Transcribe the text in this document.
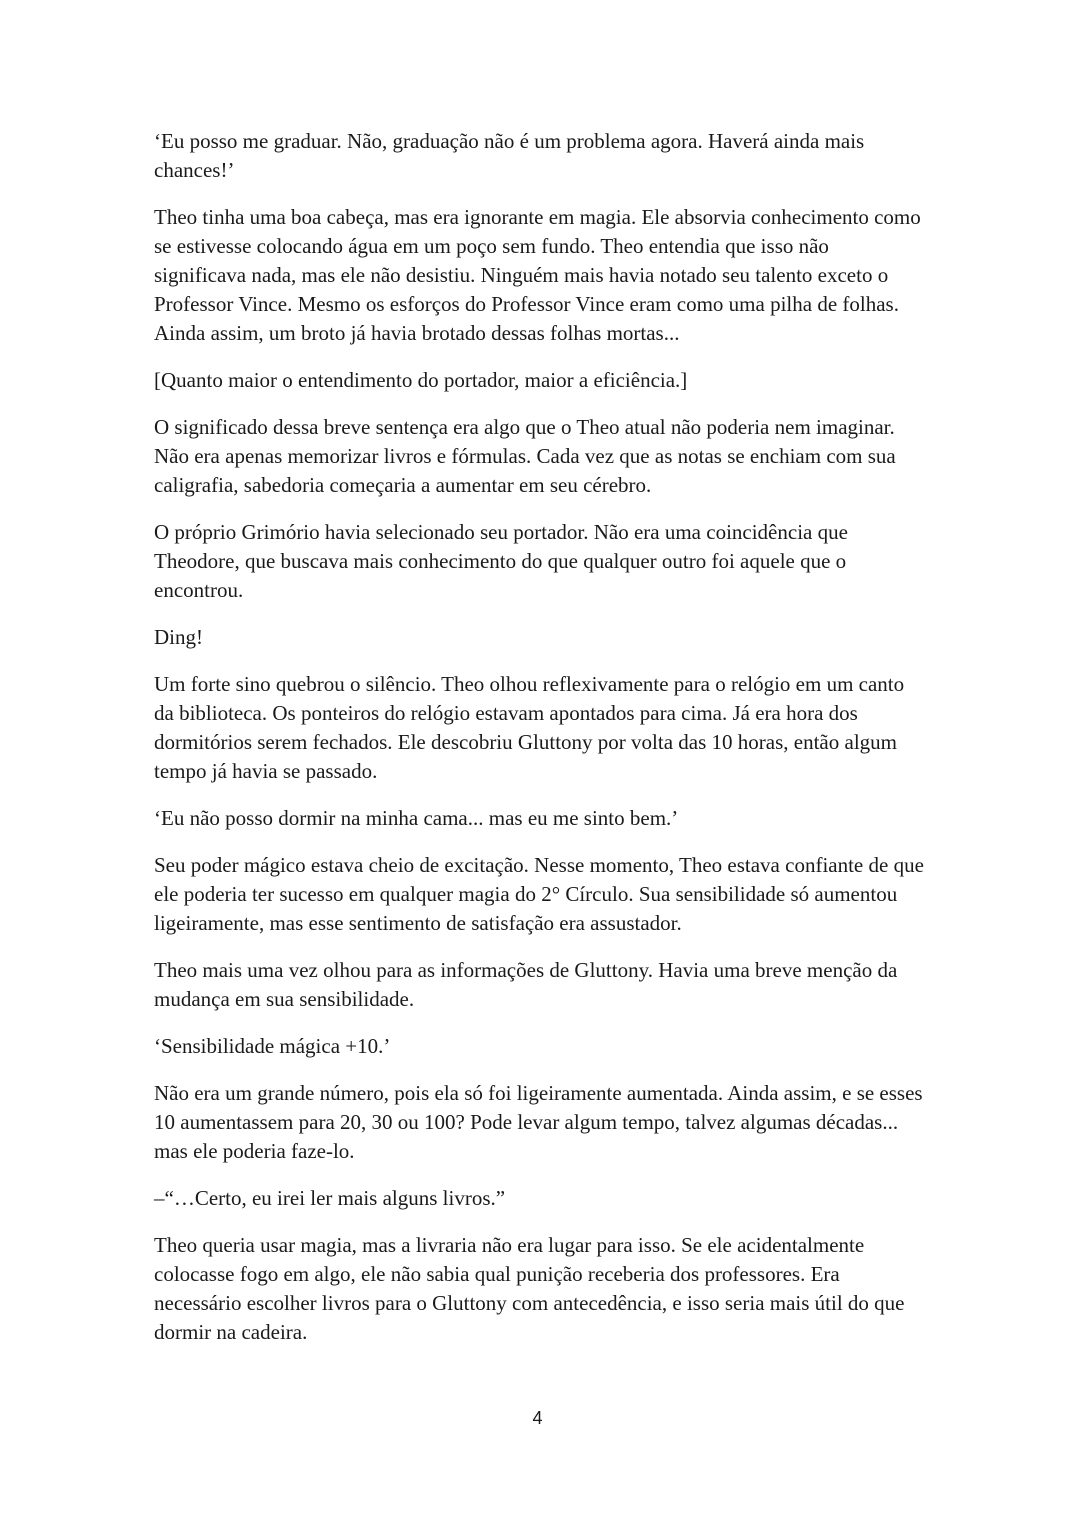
‘Eu posso me graduar. Não, graduação não é um problema agora. Haverá ainda mais chances!’

Theo tinha uma boa cabeça, mas era ignorante em magia. Ele absorvia conhecimento como se estivesse colocando água em um poço sem fundo. Theo entendia que isso não significava nada, mas ele não desistiu. Ninguém mais havia notado seu talento exceto o Professor Vince. Mesmo os esforços do Professor Vince eram como uma pilha de folhas. Ainda assim, um broto já havia brotado dessas folhas mortas...

[Quanto maior o entendimento do portador, maior a eficiência.]

O significado dessa breve sentença era algo que o Theo atual não poderia nem imaginar. Não era apenas memorizar livros e fórmulas. Cada vez que as notas se enchiam com sua caligrafia, sabedoria começaria a aumentar em seu cérebro.

O próprio Grimório havia selecionado seu portador. Não era uma coincidência que Theodore, que buscava mais conhecimento do que qualquer outro foi aquele que o encontrou.

Ding!

Um forte sino quebrou o silêncio. Theo olhou reflexivamente para o relógio em um canto da biblioteca. Os ponteiros do relógio estavam apontados para cima. Já era hora dos dormitórios serem fechados. Ele descobriu Gluttony por volta das 10 horas, então algum tempo já havia se passado.

‘Eu não posso dormir na minha cama... mas eu me sinto bem.’

Seu poder mágico estava cheio de excitação. Nesse momento, Theo estava confiante de que ele poderia ter sucesso em qualquer magia do 2° Círculo. Sua sensibilidade só aumentou ligeiramente, mas esse sentimento de satisfação era assustador.

Theo mais uma vez olhou para as informações de Gluttony. Havia uma breve menção da mudança em sua sensibilidade.

‘Sensibilidade mágica +10.’

Não era um grande número, pois ela só foi ligeiramente aumentada. Ainda assim, e se esses 10 aumentassem para 20, 30 ou 100? Pode levar algum tempo, talvez algumas décadas... mas ele poderia faze-lo.

–“…Certo, eu irei ler mais alguns livros.”

Theo queria usar magia, mas a livraria não era lugar para isso. Se ele acidentalmente colocasse fogo em algo, ele não sabia qual punição receberia dos professores. Era necessário escolher livros para o Gluttony com antecedência, e isso seria mais útil do que dormir na cadeira.

4
